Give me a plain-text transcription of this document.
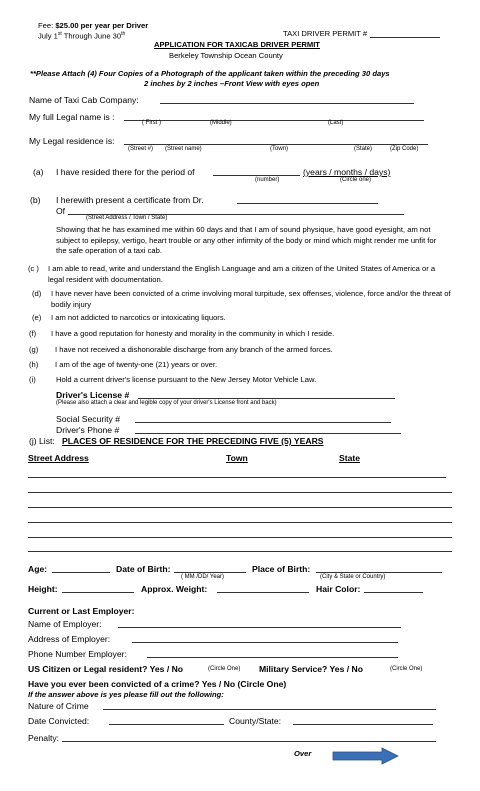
Fee: $25.00 per year per Driver
July 1st Through June 30th	TAXI DRIVER PERMIT #
APPLICATION FOR TAXICAB DRIVER PERMIT
Berkeley Township Ocean County
**Please Attach (4) Four Copies of a Photograph of the applicant taken within the preceding 30 days
2 inches by 2 inches –Front View with eyes open
Name of Taxi Cab Company:
My full Legal name is :
( First )	(Middle)	(Last)
My Legal residence is:
(Street #) (Street name)	(Town)	(State)	(Zip Code)
(a) I have resided there for the period of	(years / months / days)
(number)	(Circle one)
(b) I herewith present a certificate from Dr.
Of
(Street Address / Town / State)
Showing that he has examined me within 60 days and that I am of sound physique, have good eyesight, am not subject to epilepsy, vertigo, heart trouble or any other infirmity of the body or mind which might render me unfit for the safe operation of a taxi cab.
(c ) I am able to read, write and understand the English Language and am a citizen of the United States of America or a legal resident with documentation.
(d) I have never have been convicted of a crime involving moral turpitude, sex offenses, violence, force and/or the threat of bodily injury
(e) I am not addicted to narcotics or intoxicating liquors.
(f) I have a good reputation for honesty and morality in the community in which I reside.
(g) I have not received a dishonorable discharge from any branch of the armed forces.
(h) I am of the age of twenty-one (21) years or over.
(i)	Hold a current driver's license pursuant to the New Jersey Motor Vehicle Law.
Driver's License #
(Please also attach a clear and legible copy of your driver's License front and back)
Social Security #
Driver's Phone #
(j) List: PLACES OF RESIDENCE FOR THE PRECEDING FIVE (5) YEARS
Street Address	Town	State
Age:	Date of Birth:
( MM /DD/ Year)
Place of Birth:
(City & State or Country)
Height:	Approx. Weight:	Hair Color:
Current or Last Employer:
Name of Employer:
Address of Employer:
Phone Number Employer:
US Citizen or Legal resident? Yes / No	(Circle One) Military Service? Yes / No	(Circle One)
Have you ever been convicted of a crime? Yes / No (Circle One)
If the answer above is yes please fill out the following:
Nature of Crime
Date Convicted:	County/State:
Penalty:
Over
